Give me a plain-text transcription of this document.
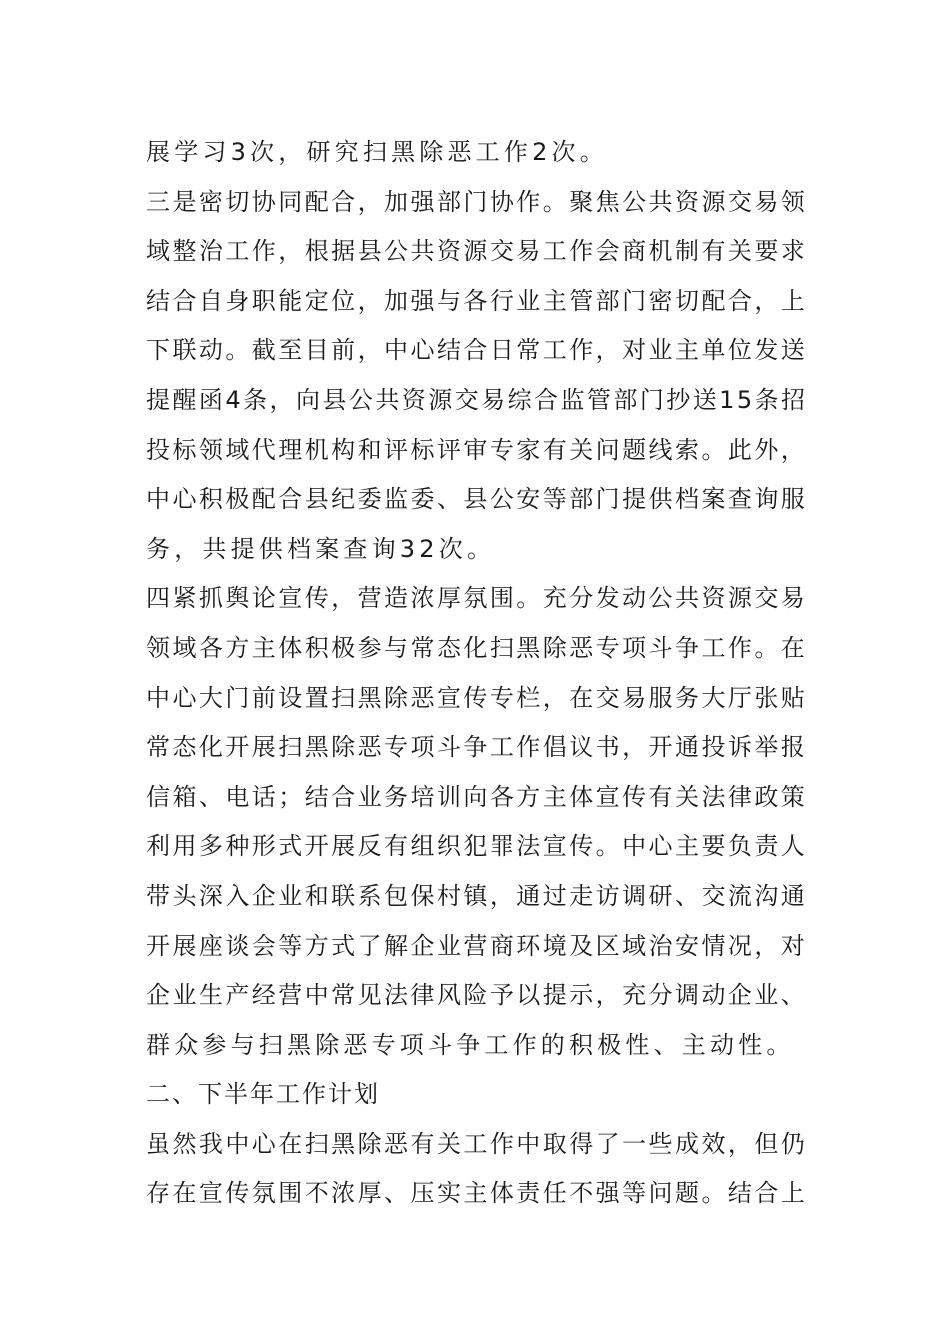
展学习3次，研究扫黑除恶工作2次。
三是密切协同配合，加强部门协作。聚焦公共资源交易领
域整治工作，根据县公共资源交易工作会商机制有关要求
结合自身职能定位，加强与各行业主管部门密切配合，上
下联动。截至目前，中心结合日常工作，对业主单位发送
提醒函4条，向县公共资源交易综合监管部门抄送15条招
投标领域代理机构和评标评审专家有关问题线索。此外，
中心积极配合县纪委监委、县公安等部门提供档案查询服
务，共提供档案查询32次。
四紧抓舆论宣传，营造浓厚氛围。充分发动公共资源交易
领域各方主体积极参与常态化扫黑除恶专项斗争工作。在
中心大门前设置扫黑除恶宣传专栏，在交易服务大厅张贴
常态化开展扫黑除恶专项斗争工作倡议书，开通投诉举报
信箱、电话；结合业务培训向各方主体宣传有关法律政策
利用多种形式开展反有组织犯罪法宣传。中心主要负责人
带头深入企业和联系包保村镇，通过走访调研、交流沟通
开展座谈会等方式了解企业营商环境及区域治安情况，对
企业生产经营中常见法律风险予以提示，充分调动企业、
群众参与扫黑除恶专项斗争工作的积极性、主动性。
二、下半年工作计划
虽然我中心在扫黑除恶有关工作中取得了一些成效，但仍
存在宣传氛围不浓厚、压实主体责任不强等问题。结合上
